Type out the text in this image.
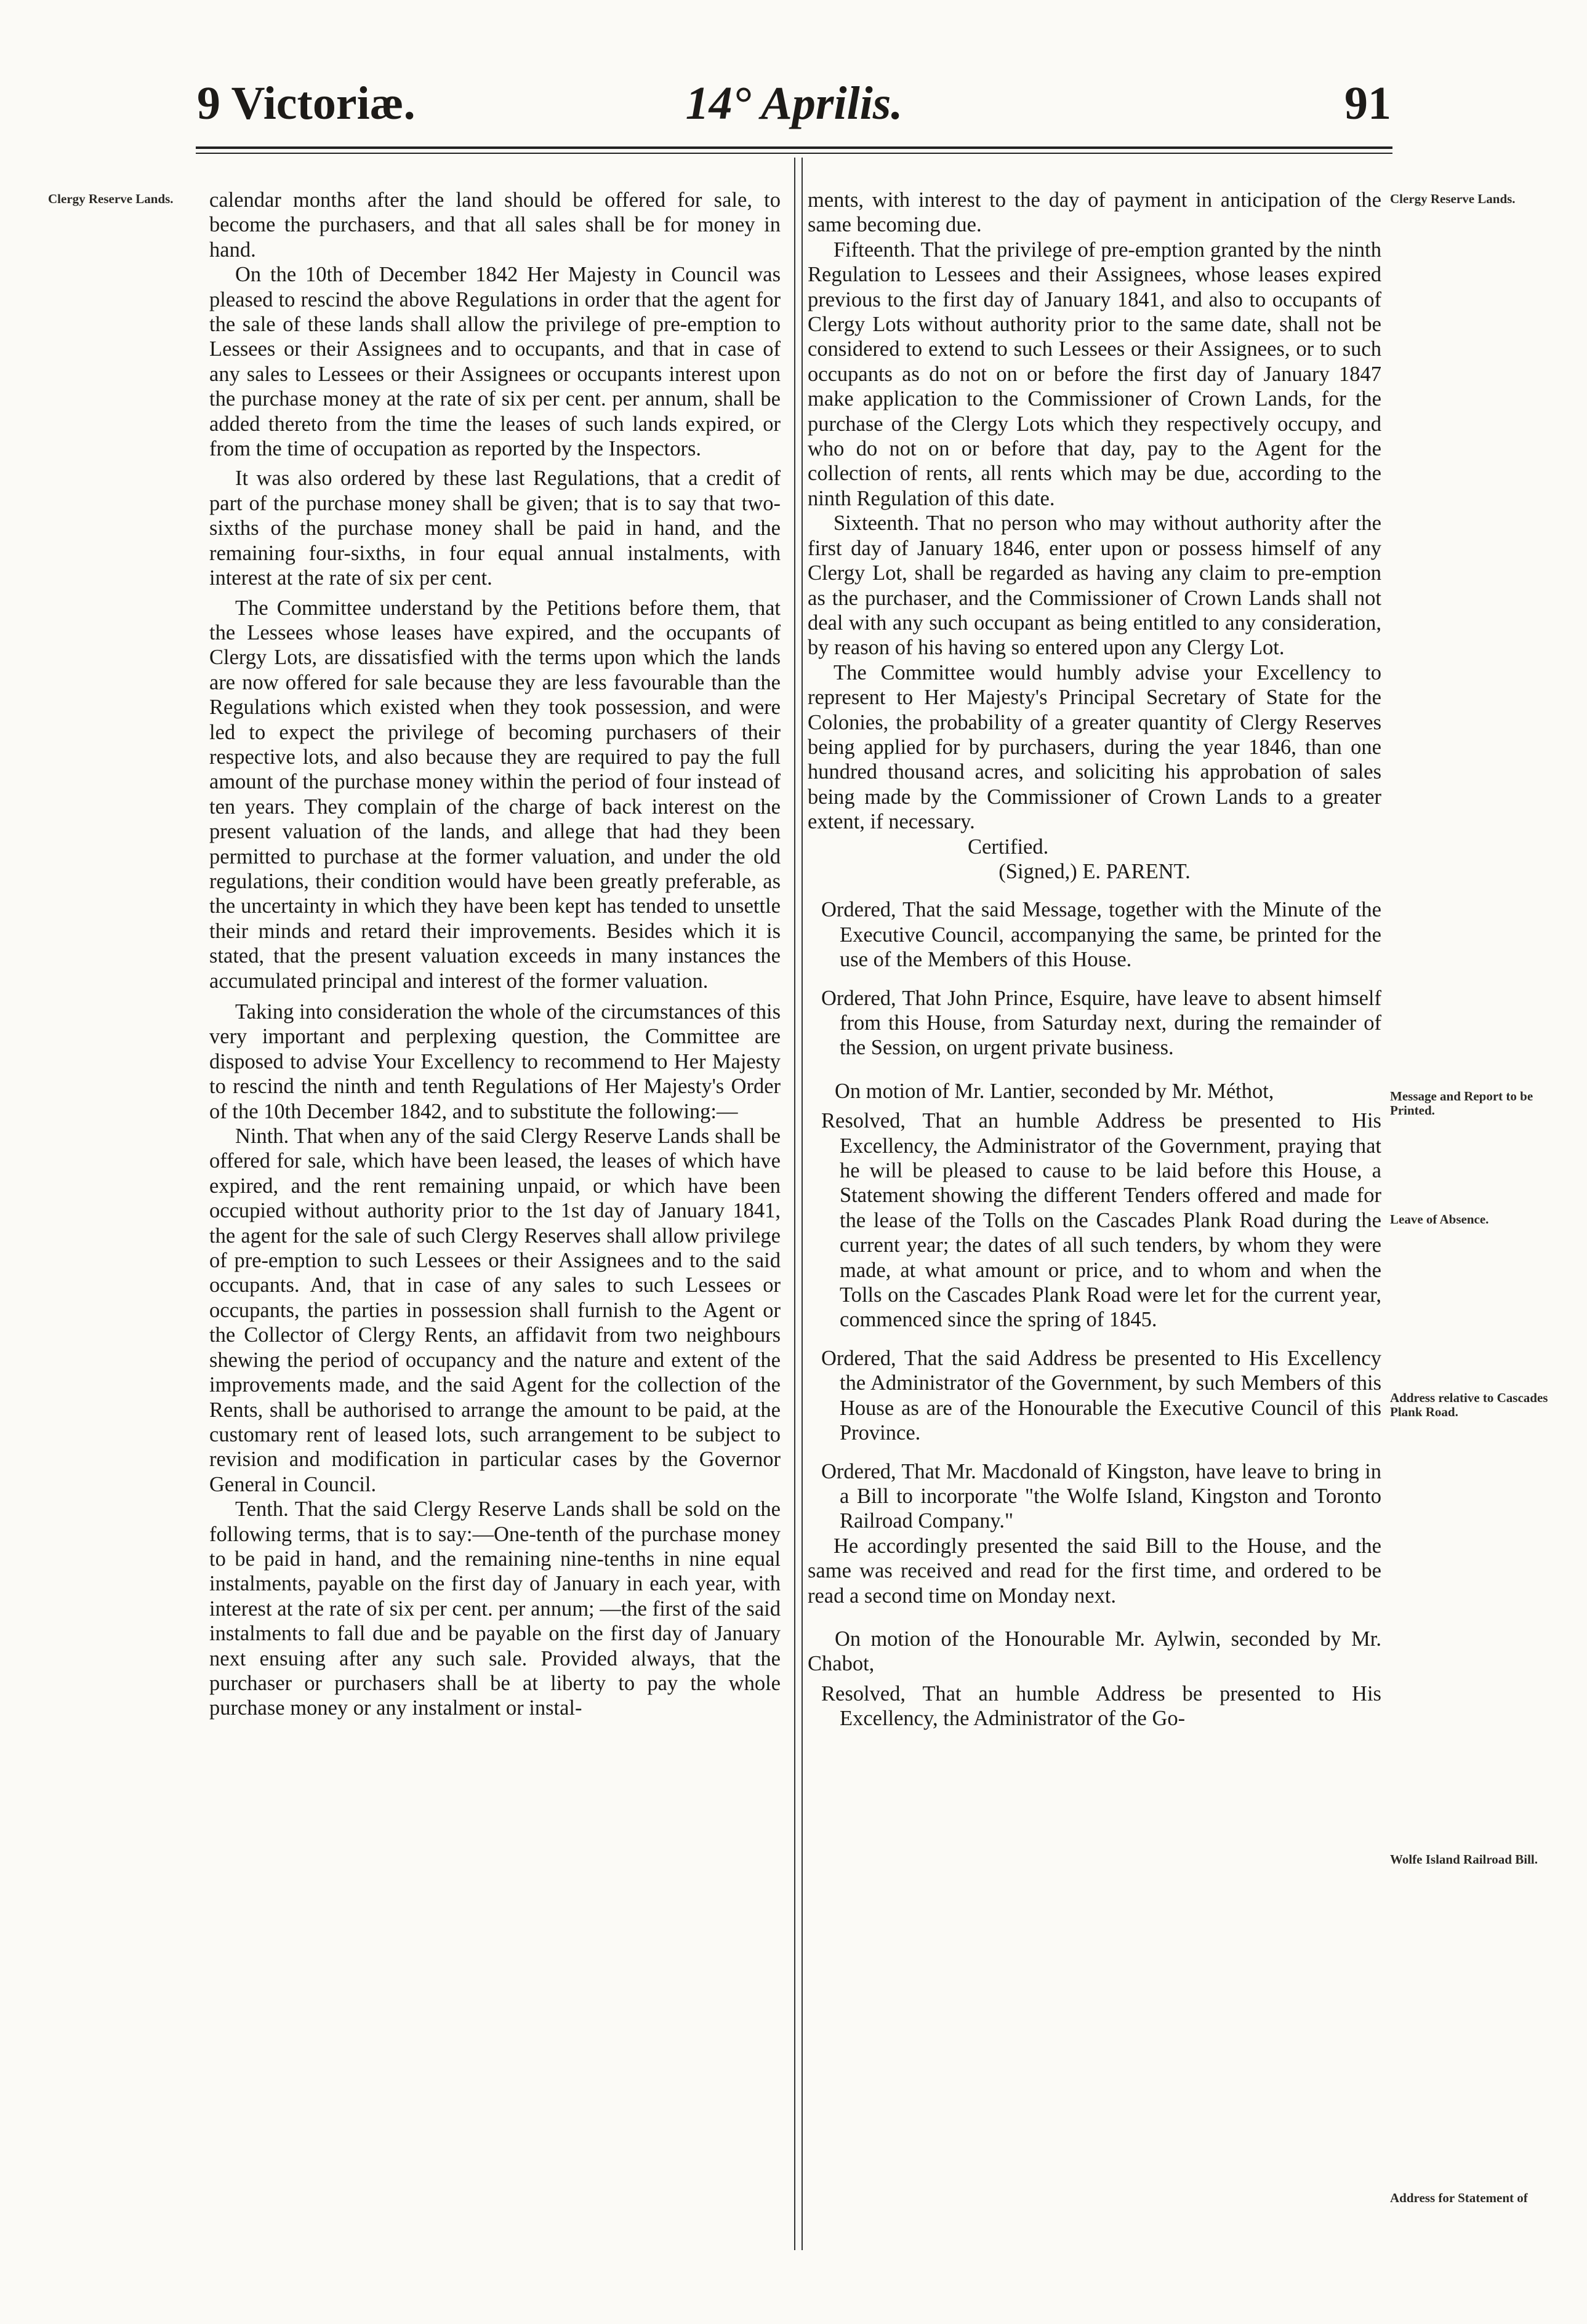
9 Victoriæ.	14° Aprilis.	91
Clergy Reserve Lands.	Clergy Reserve Lands.
Message and Report to be Printed.
Leave of Absence.
Address relative to Cascades Plank Road.
Wolfe Island Railroad Bill.
Address for Statement of

calendar months after the land should be offered for sale, to become the purchasers, and that all sales shall be for money in hand.

On the 10th of December 1842 Her Majesty in Council was pleased to rescind the above Regulations in order that the agent for the sale of these lands shall allow the privilege of pre-emption to Lessees or their Assignees and to occupants, and that in case of any sales to Lessees or their Assignees or occupants interest upon the purchase money at the rate of six per cent. per annum, shall be added thereto from the time the leases of such lands expired, or from the time of occupation as reported by the Inspectors.

It was also ordered by these last Regulations, that a credit of part of the purchase money shall be given; that is to say that two-sixths of the purchase money shall be paid in hand, and the remaining four-sixths, in four equal annual instalments, with interest at the rate of six per cent.

The Committee understand by the Petitions before them, that the Lessees whose leases have expired, and the occupants of Clergy Lots, are dissatisfied with the terms upon which the lands are now offered for sale because they are less favourable than the Regulations which existed when they took possession, and were led to expect the privilege of becoming purchasers of their respective lots, and also because they are required to pay the full amount of the purchase money within the period of four instead of ten years. They complain of the charge of back interest on the present valuation of the lands, and allege that had they been permitted to purchase at the former valuation, and under the old regulations, their condition would have been greatly preferable, as the uncertainty in which they have been kept has tended to unsettle their minds and retard their improvements. Besides which it is stated, that the present valuation exceeds in many instances the accumulated principal and interest of the former valuation.

Taking into consideration the whole of the circumstances of this very important and perplexing question, the Committee are disposed to advise Your Excellency to recommend to Her Majesty to rescind the ninth and tenth Regulations of Her Majesty's Order of the 10th December 1842, and to substitute the following:—

Ninth. That when any of the said Clergy Reserve Lands shall be offered for sale, which have been leased, the leases of which have expired, and the rent remaining unpaid, or which have been occupied without authority prior to the 1st day of January 1841, the agent for the sale of such Clergy Reserves shall allow privilege of pre-emption to such Lessees or their Assignees and to the said occupants. And, that in case of any sales to such Lessees or occupants, the parties in possession shall furnish to the Agent or the Collector of Clergy Rents, an affidavit from two neighbours shewing the period of occupancy and the nature and extent of the improvements made, and the said Agent for the collection of the Rents, shall be authorised to arrange the amount to be paid, at the customary rent of leased lots, such arrangement to be subject to revision and modification in particular cases by the Governor General in Council.

Tenth. That the said Clergy Reserve Lands shall be sold on the following terms, that is to say:—One-tenth of the purchase money to be paid in hand, and the remaining nine-tenths in nine equal instalments, payable on the first day of January in each year, with interest at the rate of six per cent. per annum; —the first of the said instalments to fall due and be payable on the first day of January next ensuing after any such sale. Provided always, that the purchaser or purchasers shall be at liberty to pay the whole purchase money or any instalment or instal-

ments, with interest to the day of payment in anticipation of the same becoming due.

Fifteenth. That the privilege of pre-emption granted by the ninth Regulation to Lessees and their Assignees, whose leases expired previous to the first day of January 1841, and also to occupants of Clergy Lots without authority prior to the same date, shall not be considered to extend to such Lessees or their Assignees, or to such occupants as do not on or before the first day of January 1847 make application to the Commissioner of Crown Lands, for the purchase of the Clergy Lots which they respectively occupy, and who do not on or before that day, pay to the Agent for the collection of rents, all rents which may be due, according to the ninth Regulation of this date.

Sixteenth. That no person who may without authority after the first day of January 1846, enter upon or possess himself of any Clergy Lot, shall be regarded as having any claim to pre-emption as the purchaser, and the Commissioner of Crown Lands shall not deal with any such occupant as being entitled to any consideration, by reason of his having so entered upon any Clergy Lot.

The Committee would humbly advise your Excellency to represent to Her Majesty's Principal Secretary of State for the Colonies, the probability of a greater quantity of Clergy Reserves being applied for by purchasers, during the year 1846, than one hundred thousand acres, and soliciting his approbation of sales being made by the Commissioner of Crown Lands to a greater extent, if necessary.

Certified.

(Signed,) E. PARENT.

Ordered, That the said Message, together with the Minute of the Executive Council, accompanying the same, be printed for the use of the Members of this House.

Ordered, That John Prince, Esquire, have leave to absent himself from this House, from Saturday next, during the remainder of the Session, on urgent private business.

On motion of Mr. Lantier, seconded by Mr. Méthot,

Resolved, That an humble Address be presented to His Excellency, the Administrator of the Government, praying that he will be pleased to cause to be laid before this House, a Statement showing the different Tenders offered and made for the lease of the Tolls on the Cascades Plank Road during the current year; the dates of all such tenders, by whom they were made, at what amount or price, and to whom and when the Tolls on the Cascades Plank Road were let for the current year, commenced since the spring of 1845.

Ordered, That the said Address be presented to His Excellency the Administrator of the Government, by such Members of this House as are of the Honourable the Executive Council of this Province.

Ordered, That Mr. Macdonald of Kingston, have leave to bring in a Bill to incorporate "the Wolfe Island, Kingston and Toronto Railroad Company."

He accordingly presented the said Bill to the House, and the same was received and read for the first time, and ordered to be read a second time on Monday next.

On motion of the Honourable Mr. Aylwin, seconded by Mr. Chabot,

Resolved, That an humble Address be presented to His Excellency, the Administrator of the Go-
